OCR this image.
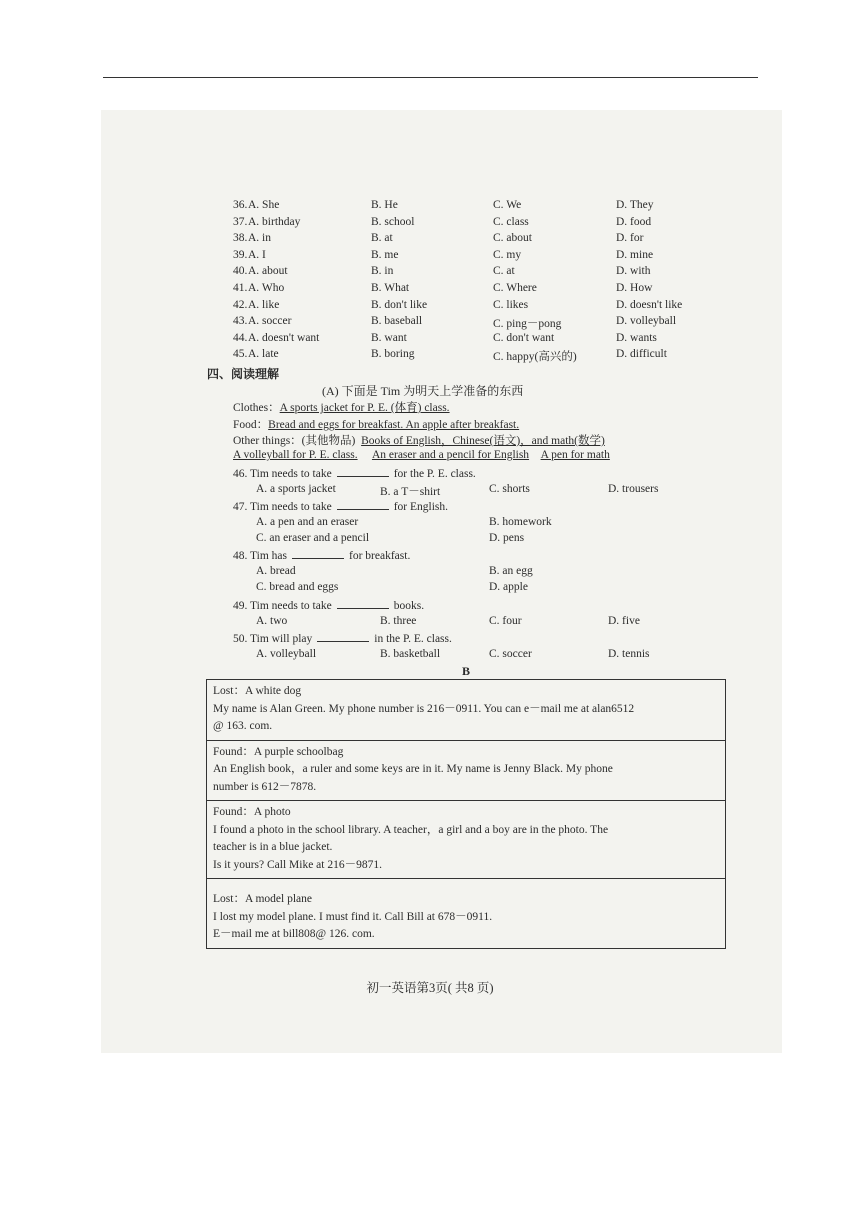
36. A. She	B. He	C. We	D. They
37. A. birthday	B. school	C. class	D. food
38. A. in	B. at	C. about	D. for
39. A. I	B. me	C. my	D. mine
40. A. about	B. in	C. at	D. with
41. A. Who	B. What	C. Where	D. How
42. A. like	B. don't like	C. likes	D. doesn't like
43. A. soccer	B. baseball	C. ping－pong	D. volleyball
44. A. doesn't want	B. want	C. don't want	D. wants
45. A. late	B. boring	C. happy(高兴的)	D. difficult
四、阅读理解
(A) 下面是 Tim 为明天上学准备的东西
Clothes：A sports jacket for P. E. (体育) class.
Food：Bread and eggs for breakfast. An apple after breakfast.
Other things：(其他物品) Books of English，Chinese(语文)，and math(数学)
A volleyball for P. E. class. An eraser and a pencil for English A pen for math
46. Tim needs to take	for the P. E. class.
A. a sports jacket	B. a T－shirt	C. shorts	D. trousers
47. Tim needs to take	for English.
A. a pen and an eraser	B. homework
C. an eraser and a pencil	D. pens
48. Tim has	for breakfast.
A. bread	B. an egg
C. bread and eggs	D. apple
49. Tim needs to take	books.
A. two	B. three	C. four	D. five
50. Tim will play	in the P. E. class.
A. volleyball	B. basketball	C. soccer	D. tennis
B
Lost：A white dog
My name is Alan Green. My phone number is 216－0911. You can e－mail me at alan6512
@ 163. com.

Found：A purple schoolbag
An English book，a ruler and some keys are in it. My name is Jenny Black. My phone
number is 612－7878.

Found：A photo
I found a photo in the school library. A teacher，a girl and a boy are in the photo. The
teacher is in a blue jacket.
Is it yours? Call Mike at 216－9871.

Lost：A model plane
I lost my model plane. I must find it. Call Bill at 678－0911.
E－mail me at bill808@ 126. com.
初一英语第3页( 共8 页)
